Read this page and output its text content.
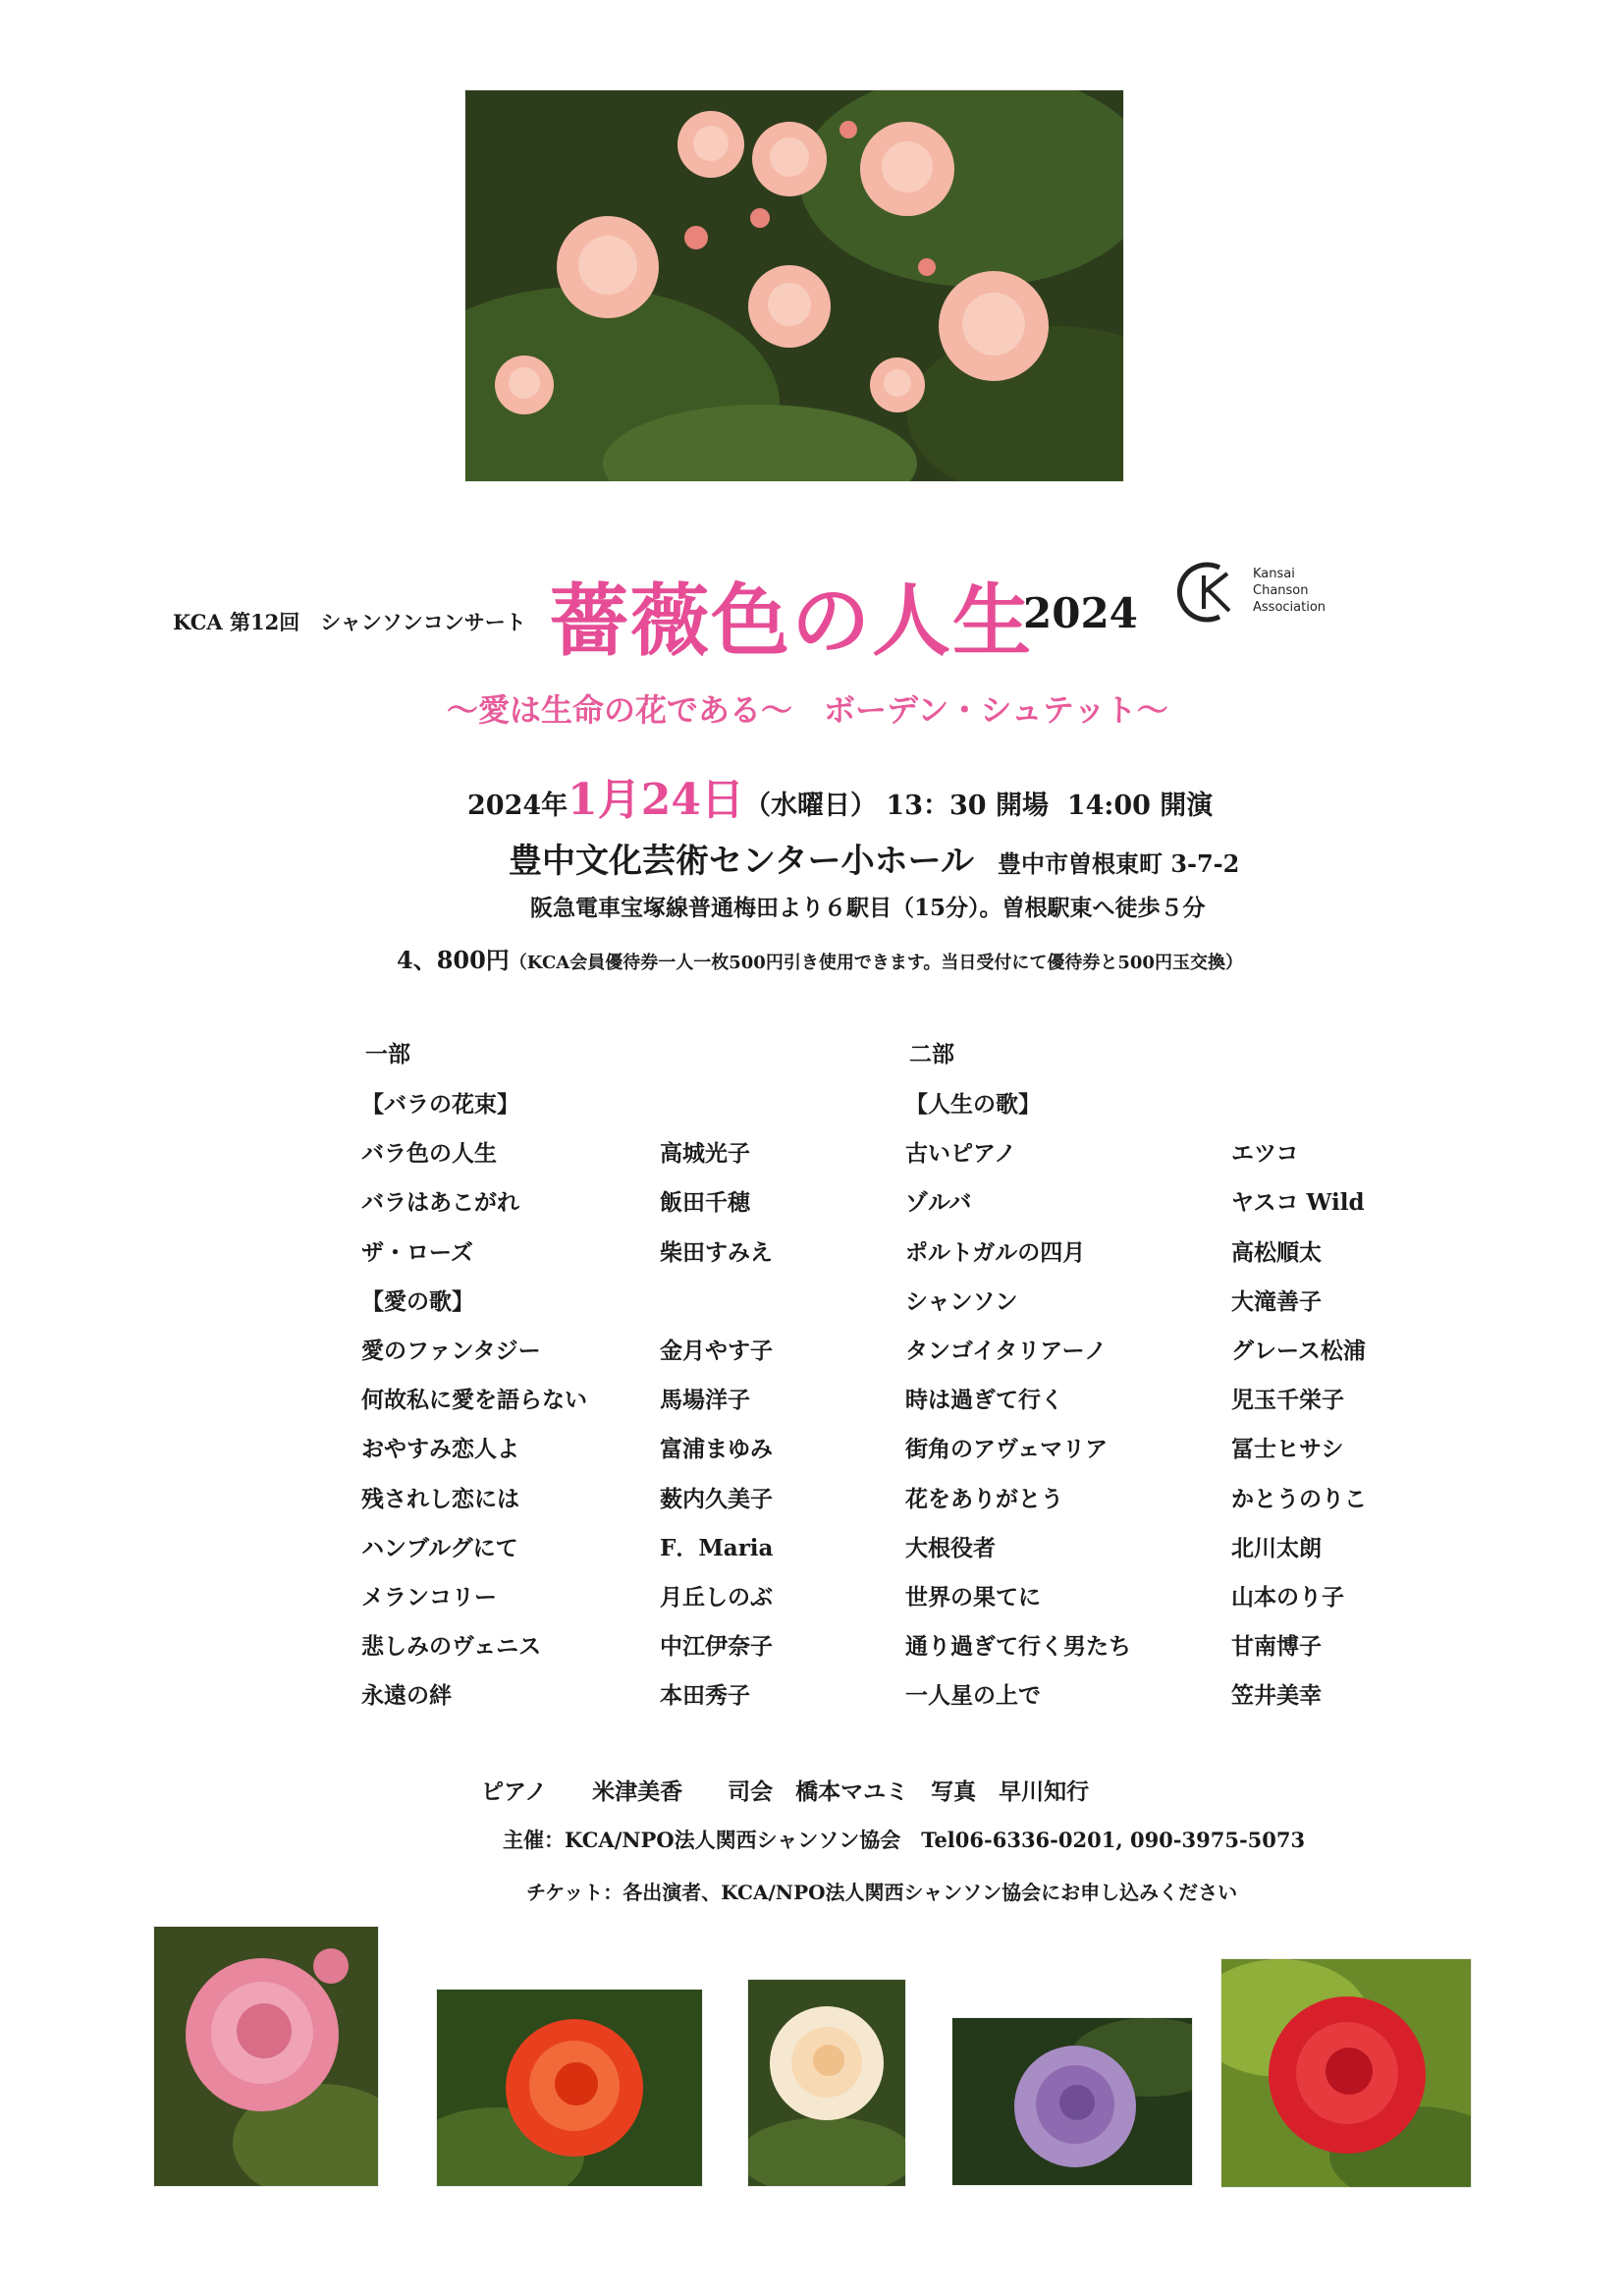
KCA 第12回　シャンソンコンサート 薔薇色の人生
2024
Kansai
Chanson
Association
～愛は生命の花である～　ボーデン・シュテット～
2024年1月24日（水曜日） 13：30 開場 14:00 開演
豊中文化芸術センター小ホール 豊中市曽根東町 3-7-2
阪急電車宝塚線普通梅田より６駅目（15分）。曽根駅東へ徒歩５分
4、800円（KCA会員優待券一人一枚500円引き使用できます。当日受付にて優待券と500円玉交換）
一部	二部
【バラの花束】
バラ色の人生	高城光子
バラはあこがれ	飯田千穂
ザ・ローズ	柴田すみえ
【愛の歌】
愛のファンタジー	金月やす子
何故私に愛を語らない	馬場洋子
おやすみ恋人よ	富浦まゆみ
残されし恋には	薮内久美子
ハンブルグにて	F．Maria
メランコリー	月丘しのぶ
悲しみのヴェニス	中江伊奈子
永遠の絆	本田秀子
【人生の歌】
古いピアノ	エツコ
ゾルバ	ヤスコ Wild
ポルトガルの四月	高松順太
シャンソン	大滝善子
タンゴイタリアーノ	グレース松浦
時は過ぎて行く	児玉千栄子
街角のアヴェマリア	冨士ヒサシ
花をありがとう	かとうのりこ
大根役者	北川太朗
世界の果てに	山本のり子
通り過ぎて行く男たち	甘南博子
一人星の上で	笠井美幸
ピアノ　　米津美香　　司会　橋本マユミ　写真　早川知行
主催：KCA/NPO法人関西シャンソン協会　Tel06-6336-0201, 090-3975-5073
チケット：各出演者、KCA/NPO法人関西シャンソン協会にお申し込みください
